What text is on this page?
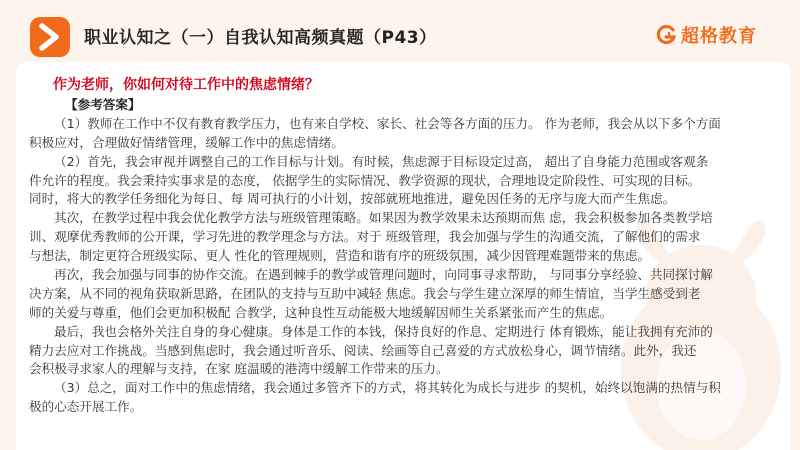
职业认知之（一）自我认知高频真题（P43）	超格教育
作为老师，你如何对待工作中的焦虑情绪？
【参考答案】
（1）教师在工作中不仅有教育教学压力，也有来自学校、家长、社会等各方面的压力。 作为老师，我会从以下多个方面
积极应对，合理做好情绪管理，缓解工作中的焦虑情绪。
（2）首先，我会审视并调整自己的工作目标与计划。有时候，焦虑源于目标设定过高， 超出了自身能力范围或客观条
件允许的程度。我会秉持实事求是的态度， 依据学生的实际情况、教学资源的现状，合理地设定阶段性、可实现的目标。
同时，将大的教学任务细化为每日、每 周可执行的小计划，按部就班地推进，避免因任务的无序与庞大而产生焦虑。
其次，在教学过程中我会优化教学方法与班级管理策略。如果因为教学效果未达预期而焦 虑，我会积极参加各类教学培
训、观摩优秀教师的公开课，学习先进的教学理念与方法。对于 班级管理，我会加强与学生的沟通交流，了解他们的需求
与想法，制定更符合班级实际、更人 性化的管理规则，营造和谐有序的班级氛围，减少因管理难题带来的焦虑。
再次，我会加强与同事的协作交流。在遇到棘手的教学或管理问题时，向同事寻求帮助， 与同事分享经验、共同探讨解
决方案，从不同的视角获取新思路，在团队的支持与互助中减轻 焦虑。我会与学生建立深厚的师生情谊，当学生感受到老
师的关爱与尊重，他们会更加积极配 合教学，这种良性互动能极大地缓解因师生关系紧张而产生的焦虑。
最后，我也会格外关注自身的身心健康。身体是工作的本钱，保持良好的作息、定期进行 体育锻炼，能让我拥有充沛的
精力去应对工作挑战。当感到焦虑时，我会通过听音乐、阅读、绘画等自己喜爱的方式放松身心，调节情绪。此外，我还
会积极寻求家人的理解与支持，在家 庭温暖的港湾中缓解工作带来的压力。
（3）总之，面对工作中的焦虑情绪，我会通过多管齐下的方式，将其转化为成长与进步 的契机，始终以饱满的热情与积
极的心态开展工作。
